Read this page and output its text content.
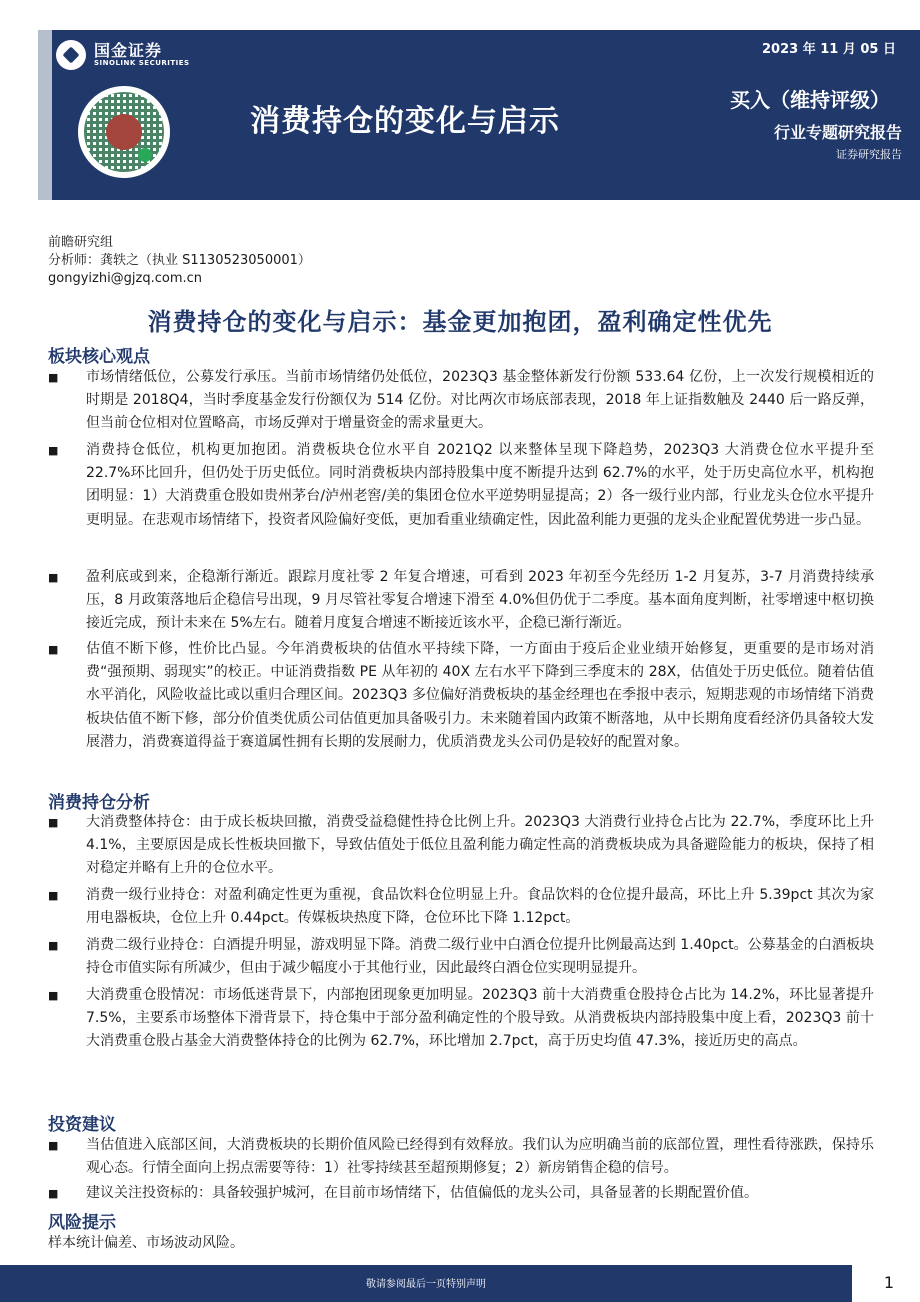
国金证券
SINOLINK SECURITIES
消费持仓的变化与启示
2023 年 11 月 05 日
买入（维持评级）
行业专题研究报告
证券研究报告
前瞻研究组
分析师：龚轶之（执业 S1130523050001）
gongyizhi@gjzq.com.cn
消费持仓的变化与启示：基金更加抱团，盈利确定性优先
板块核心观点
■ 市场情绪低位，公募发行承压。当前市场情绪仍处低位，2023Q3 基金整体新发行份额 533.64 亿份，上一次发行规模相近的时期是 2018Q4，当时季度基金发行份额仅为 514 亿份。对比两次市场底部表现，2018 年上证指数触及 2440 后一路反弹，但当前仓位相对位置略高，市场反弹对于增量资金的需求量更大。
■ 消费持仓低位，机构更加抱团。消费板块仓位水平自 2021Q2 以来整体呈现下降趋势，2023Q3 大消费仓位水平提升至 22.7%环比回升，但仍处于历史低位。同时消费板块内部持股集中度不断提升达到 62.7%的水平，处于历史高位水平，机构抱团明显：1）大消费重仓股如贵州茅台/泸州老窖/美的集团仓位水平逆势明显提高；2）各一级行业内部，行业龙头仓位水平提升更明显。在悲观市场情绪下，投资者风险偏好变低，更加看重业绩确定性，因此盈利能力更强的龙头企业配置优势进一步凸显。
■ 盈利底或到来，企稳渐行渐近。跟踪月度社零 2 年复合增速，可看到 2023 年初至今先经历 1-2 月复苏，3-7 月消费持续承压，8 月政策落地后企稳信号出现，9 月尽管社零复合增速下滑至 4.0%但仍优于二季度。基本面角度判断，社零增速中枢切换接近完成，预计未来在 5%左右。随着月度复合增速不断接近该水平，企稳已渐行渐近。
■ 估值不断下修，性价比凸显。今年消费板块的估值水平持续下降，一方面由于疫后企业业绩开始修复，更重要的是市场对消费“强预期、弱现实”的校正。中证消费指数 PE 从年初的 40X 左右水平下降到三季度末的 28X，估值处于历史低位。随着估值水平消化，风险收益比或以重归合理区间。2023Q3 多位偏好消费板块的基金经理也在季报中表示，短期悲观的市场情绪下消费板块估值不断下修，部分价值类优质公司估值更加具备吸引力。未来随着国内政策不断落地，从中长期角度看经济仍具备较大发展潜力，消费赛道得益于赛道属性拥有长期的发展耐力，优质消费龙头公司仍是较好的配置对象。
消费持仓分析
■ 大消费整体持仓：由于成长板块回撤，消费受益稳健性持仓比例上升。2023Q3 大消费行业持仓占比为 22.7%，季度环比上升 4.1%，主要原因是成长性板块回撤下，导致估值处于低位且盈利能力确定性高的消费板块成为具备避险能力的板块，保持了相对稳定并略有上升的仓位水平。
■ 消费一级行业持仓：对盈利确定性更为重视，食品饮料仓位明显上升。食品饮料的仓位提升最高，环比上升 5.39pct 其次为家用电器板块，仓位上升 0.44pct。传媒板块热度下降，仓位环比下降 1.12pct。
■ 消费二级行业持仓：白酒提升明显，游戏明显下降。消费二级行业中白酒仓位提升比例最高达到 1.40pct。公募基金的白酒板块持仓市值实际有所减少，但由于减少幅度小于其他行业，因此最终白酒仓位实现明显提升。
■ 大消费重仓股情况：市场低迷背景下，内部抱团现象更加明显。2023Q3 前十大消费重仓股持仓占比为 14.2%，环比显著提升 7.5%，主要系市场整体下滑背景下，持仓集中于部分盈利确定性的个股导致。从消费板块内部持股集中度上看，2023Q3 前十大消费重仓股占基金大消费整体持仓的比例为 62.7%，环比增加 2.7pct，高于历史均值 47.3%，接近历史的高点。
投资建议
■ 当估值进入底部区间，大消费板块的长期价值风险已经得到有效释放。我们认为应明确当前的底部位置，理性看待涨跌，保持乐观心态。行情全面向上拐点需要等待：1）社零持续甚至超预期修复；2）新房销售企稳的信号。
■ 建议关注投资标的：具备较强护城河，在目前市场情绪下，估值偏低的龙头公司，具备显著的长期配置价值。
风险提示
样本统计偏差、市场波动风险。
敬请参阅最后一页特别声明	1
